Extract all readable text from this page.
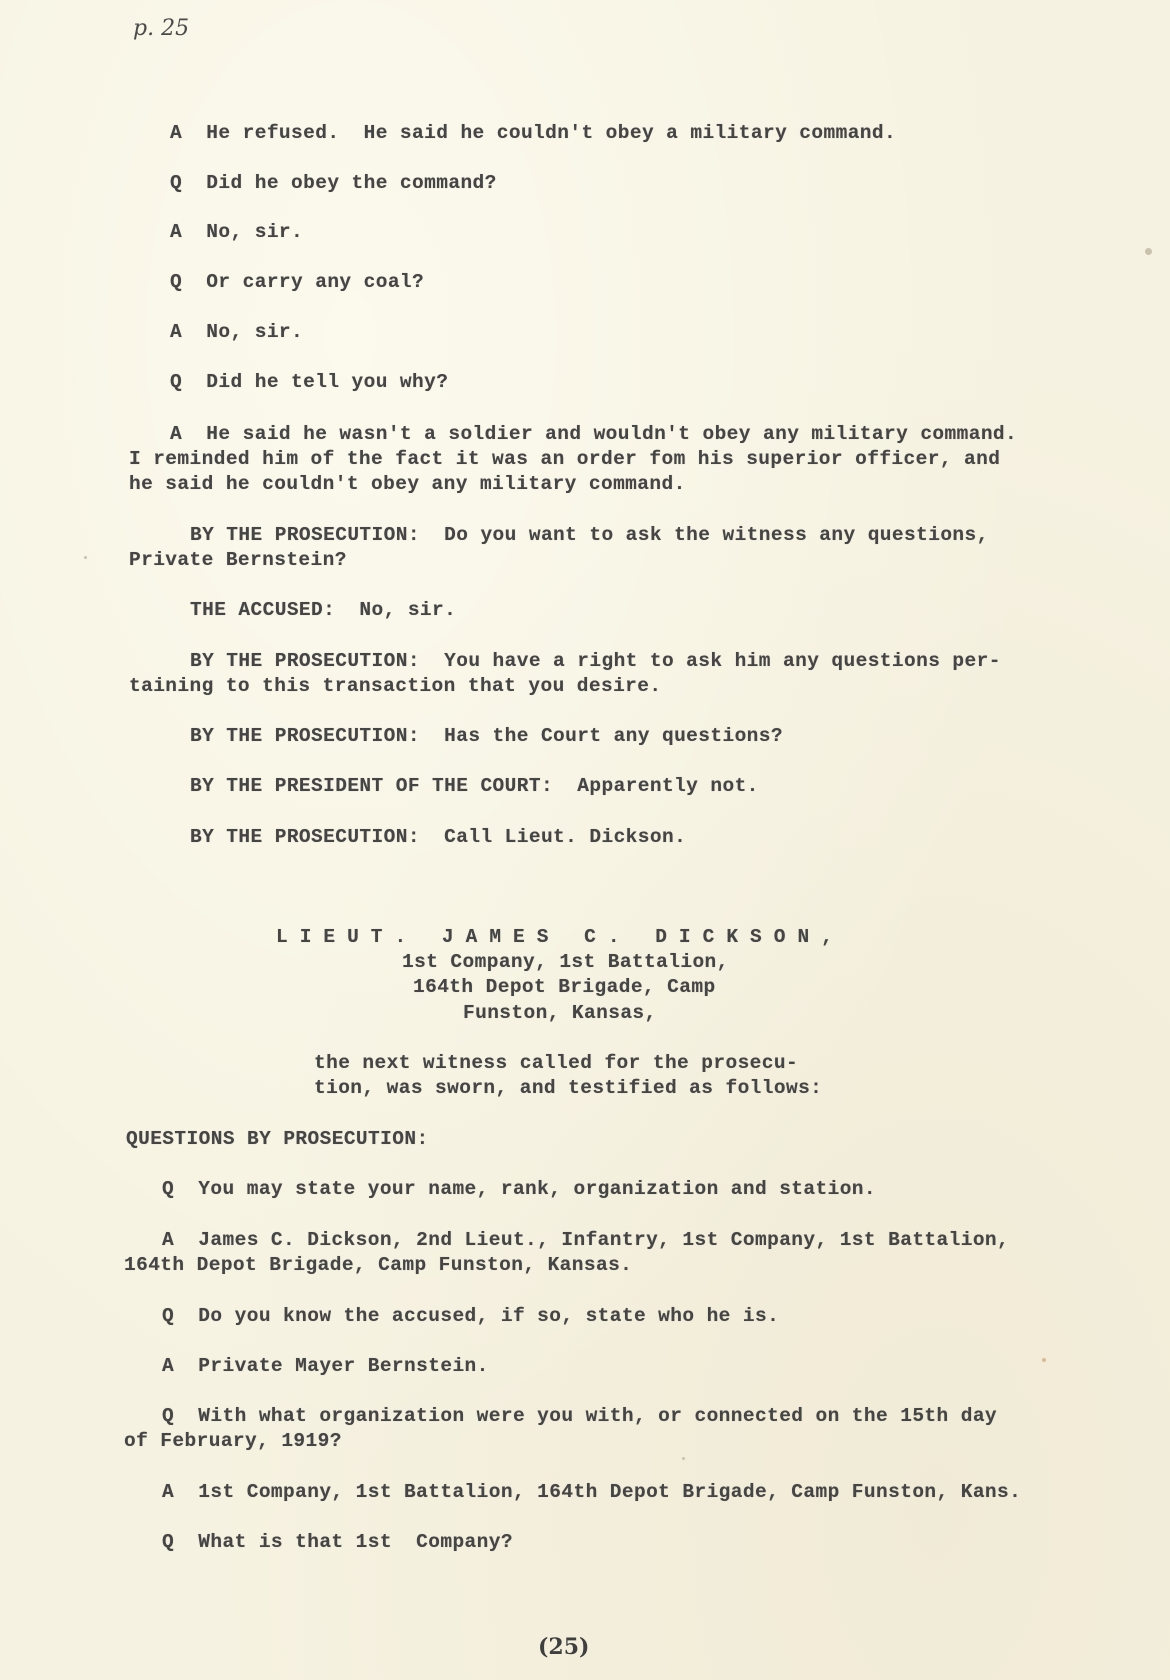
p. 25

A  He refused.  He said he couldn't obey a military command.

Q  Did he obey the command?

A  No, sir.

Q  Or carry any coal?

A  No, sir.

Q  Did he tell you why?

A  He said he wasn't a soldier and wouldn't obey any military command.

I reminded him of the fact it was an order fom his superior officer, and

he said he couldn't obey any military command.

BY THE PROSECUTION:  Do you want to ask the witness any questions,

Private Bernstein?

THE ACCUSED:  No, sir.

BY THE PROSECUTION:  You have a right to ask him any questions per-

taining to this transaction that you desire.

BY THE PROSECUTION:  Has the Court any questions?

BY THE PRESIDENT OF THE COURT:  Apparently not.

BY THE PROSECUTION:  Call Lieut. Dickson.

LIEUT. JAMES C. DICKSON,

1st Company, 1st Battalion,

164th Depot Brigade, Camp

Funston, Kansas,

the next witness called for the prosecu-

tion, was sworn, and testified as follows:

QUESTIONS BY PROSECUTION:

Q  You may state your name, rank, organization and station.

A  James C. Dickson, 2nd Lieut., Infantry, 1st Company, 1st Battalion,

164th Depot Brigade, Camp Funston, Kansas.

Q  Do you know the accused, if so, state who he is.

A  Private Mayer Bernstein.

Q  With what organization were you with, or connected on the 15th day

of February, 1919?

A  1st Company, 1st Battalion, 164th Depot Brigade, Camp Funston, Kans.

Q  What is that 1st  Company?

(25)
